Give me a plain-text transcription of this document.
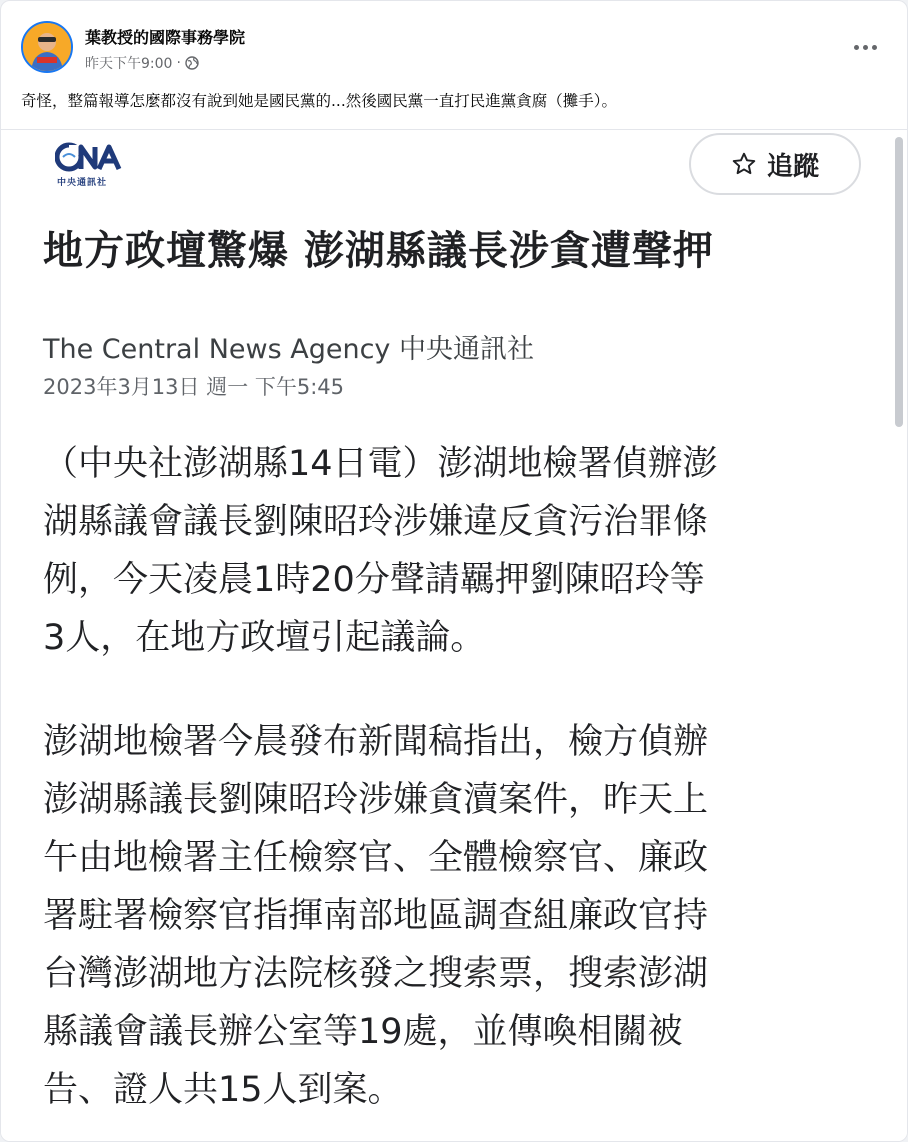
葉教授的國際事務學院
昨天下午9:00 ·
奇怪，整篇報導怎麼都沒有說到她是國民黨的...然後國民黨一直打民進黨貪腐（攤手）。
中央通訊社
追蹤
地方政壇驚爆 澎湖縣議長涉貪遭聲押
The Central News Agency 中央通訊社
2023年3月13日 週一 下午5:45
（中央社澎湖縣14日電）澎湖地檢署偵辦澎
湖縣議會議長劉陳昭玲涉嫌違反貪污治罪條
例，今天凌晨1時20分聲請羈押劉陳昭玲等
3人，在地方政壇引起議論。
澎湖地檢署今晨發布新聞稿指出，檢方偵辦
澎湖縣議長劉陳昭玲涉嫌貪瀆案件，昨天上
午由地檢署主任檢察官、全體檢察官、廉政
署駐署檢察官指揮南部地區調查組廉政官持
台灣澎湖地方法院核發之搜索票，搜索澎湖
縣議會議長辦公室等19處，並傳喚相關被
告、證人共15人到案。
